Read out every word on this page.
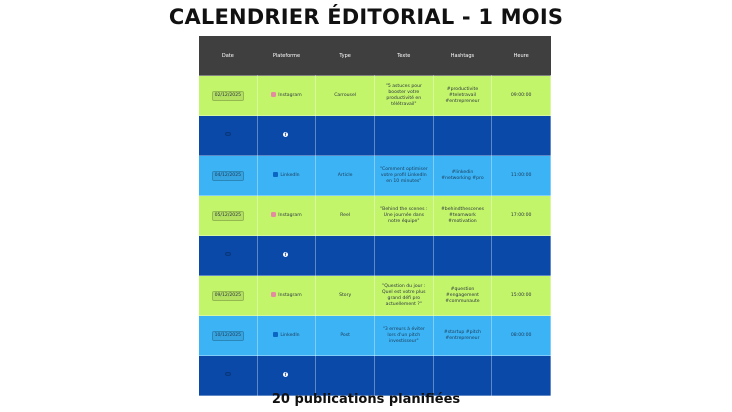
CALENDRIER ÉDITORIAL - 1 MOIS
Date	Plateforme	Type	Texte	Hashtags	Heure
02/12/2025	Instagram	Carrousel	"5 astuces pour booster votre productivité en télétravail"	#productivite #teletravail #entrepreneur	09:00:00
	f				
04/12/2025	LinkedIn	Article	"Comment optimiser votre profil LinkedIn en 10 minutes"	#linkedin #networking #pro	11:00:00
05/12/2025	Instagram	Reel	"Behind the scenes : Une journée dans notre équipe"	#behindthescenes #teamwork #motivation	17:00:00
	f				
09/12/2025	Instagram	Story	"Question du jour : Quel est votre plus grand défi pro actuellement ?"	#question #engagement #communaute	15:00:00
10/12/2025	LinkedIn	Post	"3 erreurs à éviter lors d'un pitch investisseur"	#startup #pitch #entrepreneur	08:00:00
	f				
20 publications planifiées
